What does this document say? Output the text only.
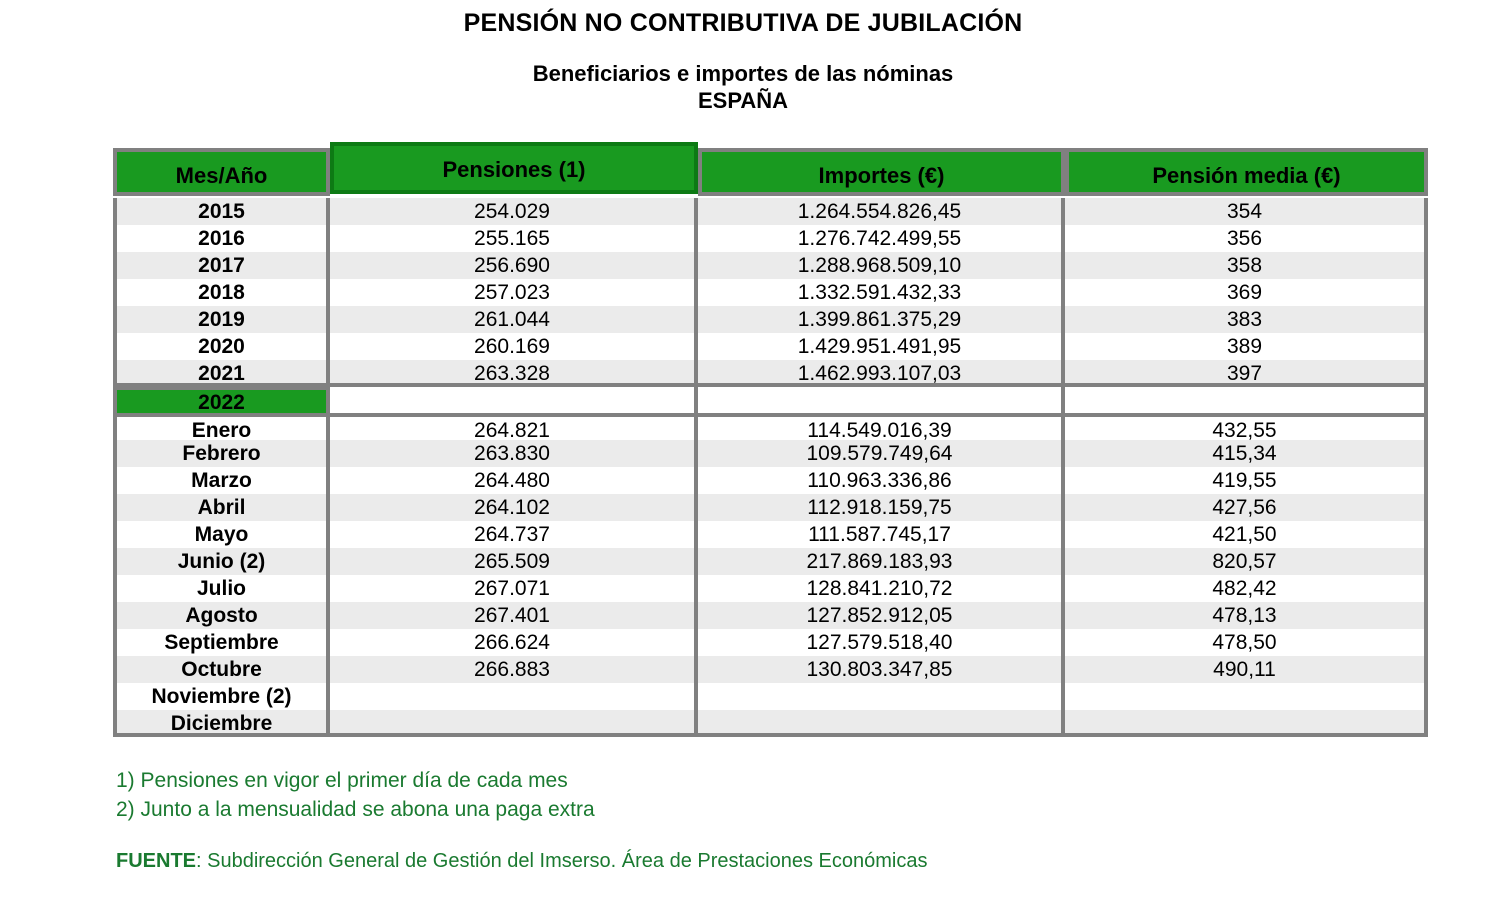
PENSIÓN NO CONTRIBUTIVA DE JUBILACIÓN
Beneficiarios e importes de las nóminas
ESPAÑA
Mes/Año	Pensiones (1)	Importes (€)	Pensión media (€)

2015	254.029	1.264.554.826,45	354

2016	255.165	1.276.742.499,55	356

2017	256.690	1.288.968.509,10	358

2018	257.023	1.332.591.432,33	369

2019	261.044	1.399.861.375,29	383

2020	260.169	1.429.951.491,95	389

2021	263.328	1.462.993.107,03	397

2022			

Enero	264.821	114.549.016,39	432,55

Febrero	263.830	109.579.749,64	415,34

Marzo	264.480	110.963.336,86	419,55

Abril	264.102	112.918.159,75	427,56

Mayo	264.737	111.587.745,17	421,50

Junio (2)	265.509	217.869.183,93	820,57

Julio	267.071	128.841.210,72	482,42

Agosto	267.401	127.852.912,05	478,13

Septiembre	266.624	127.579.518,40	478,50

Octubre	266.883	130.803.347,85	490,11

Noviembre (2)			

Diciembre			

1) Pensiones en vigor el primer día de cada mes
2) Junto a la mensualidad se abona una paga extra
FUENTE: Subdirección General de Gestión del Imserso. Área de Prestaciones Económicas
